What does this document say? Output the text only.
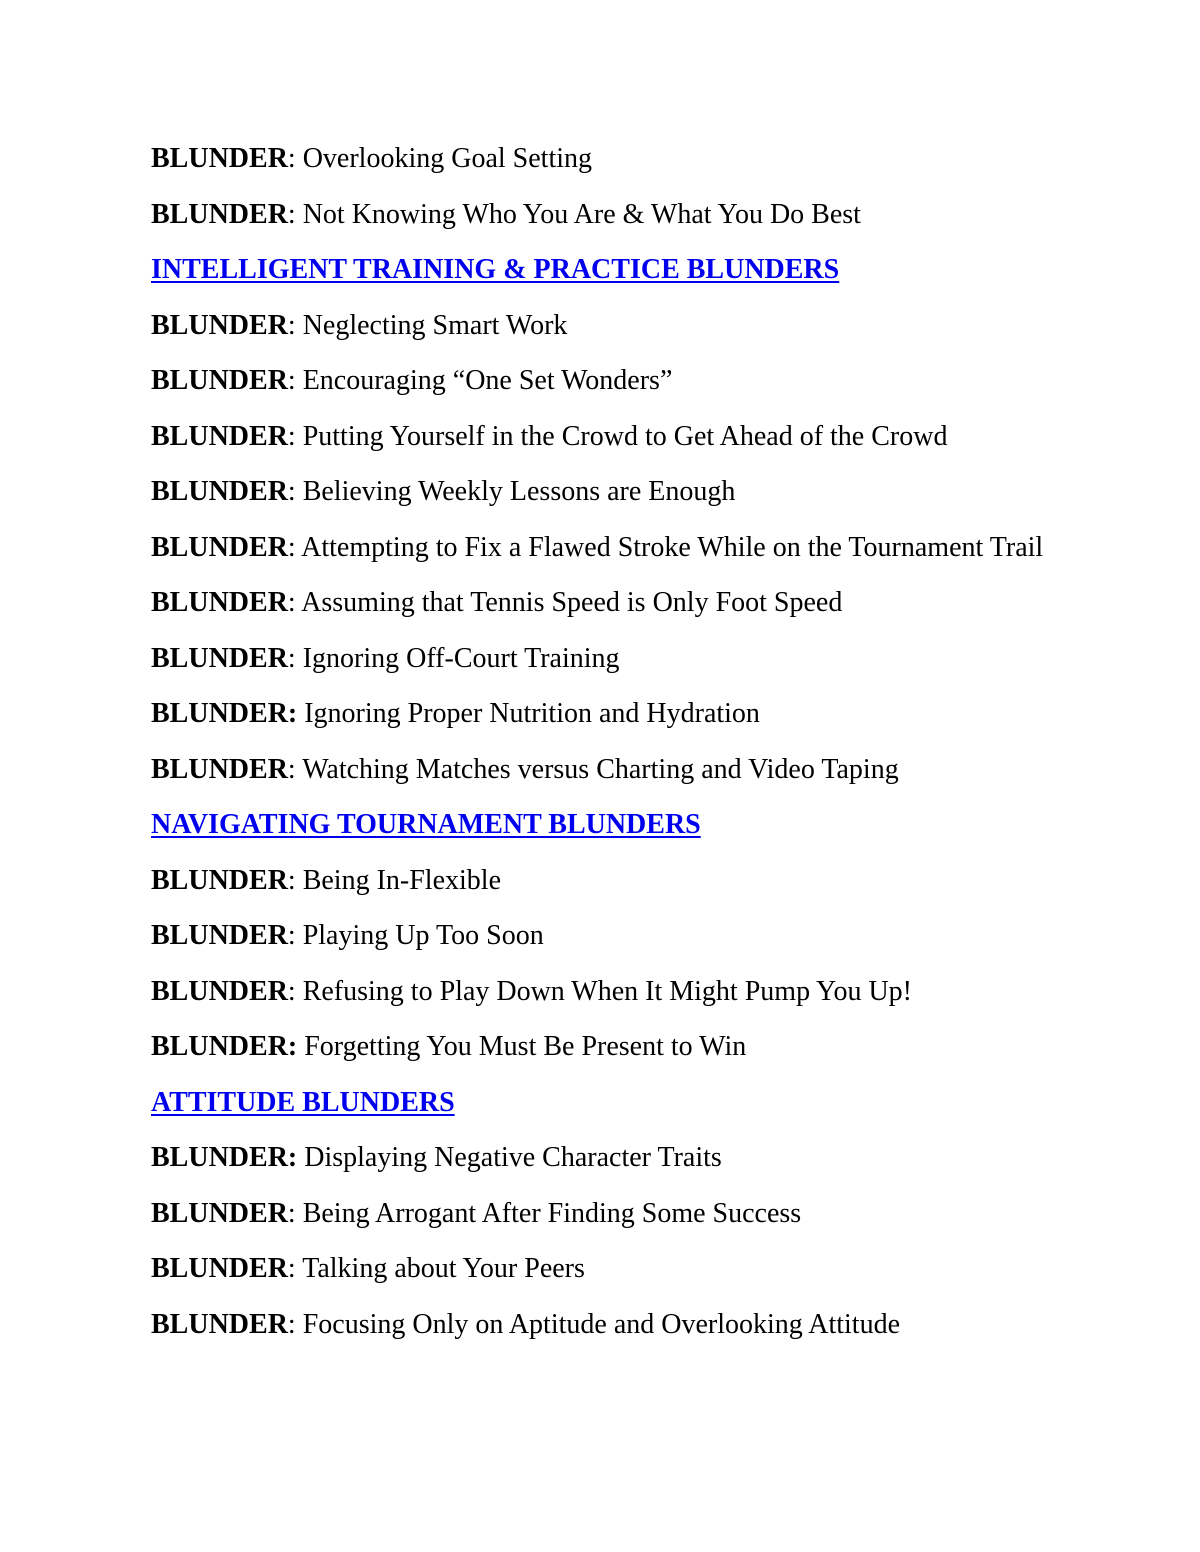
BLUNDER: Overlooking Goal Setting
BLUNDER: Not Knowing Who You Are & What You Do Best
INTELLIGENT TRAINING & PRACTICE BLUNDERS
BLUNDER: Neglecting Smart Work
BLUNDER: Encouraging “One Set Wonders”
BLUNDER: Putting Yourself in the Crowd to Get Ahead of the Crowd
BLUNDER: Believing Weekly Lessons are Enough
BLUNDER: Attempting to Fix a Flawed Stroke While on the Tournament Trail
BLUNDER: Assuming that Tennis Speed is Only Foot Speed
BLUNDER: Ignoring Off-Court Training
BLUNDER: Ignoring Proper Nutrition and Hydration
BLUNDER: Watching Matches versus Charting and Video Taping
NAVIGATING TOURNAMENT BLUNDERS
BLUNDER: Being In-Flexible
BLUNDER: Playing Up Too Soon
BLUNDER: Refusing to Play Down When It Might Pump You Up!
BLUNDER: Forgetting You Must Be Present to Win
ATTITUDE BLUNDERS
BLUNDER: Displaying Negative Character Traits
BLUNDER: Being Arrogant After Finding Some Success
BLUNDER: Talking about Your Peers
BLUNDER: Focusing Only on Aptitude and Overlooking Attitude
